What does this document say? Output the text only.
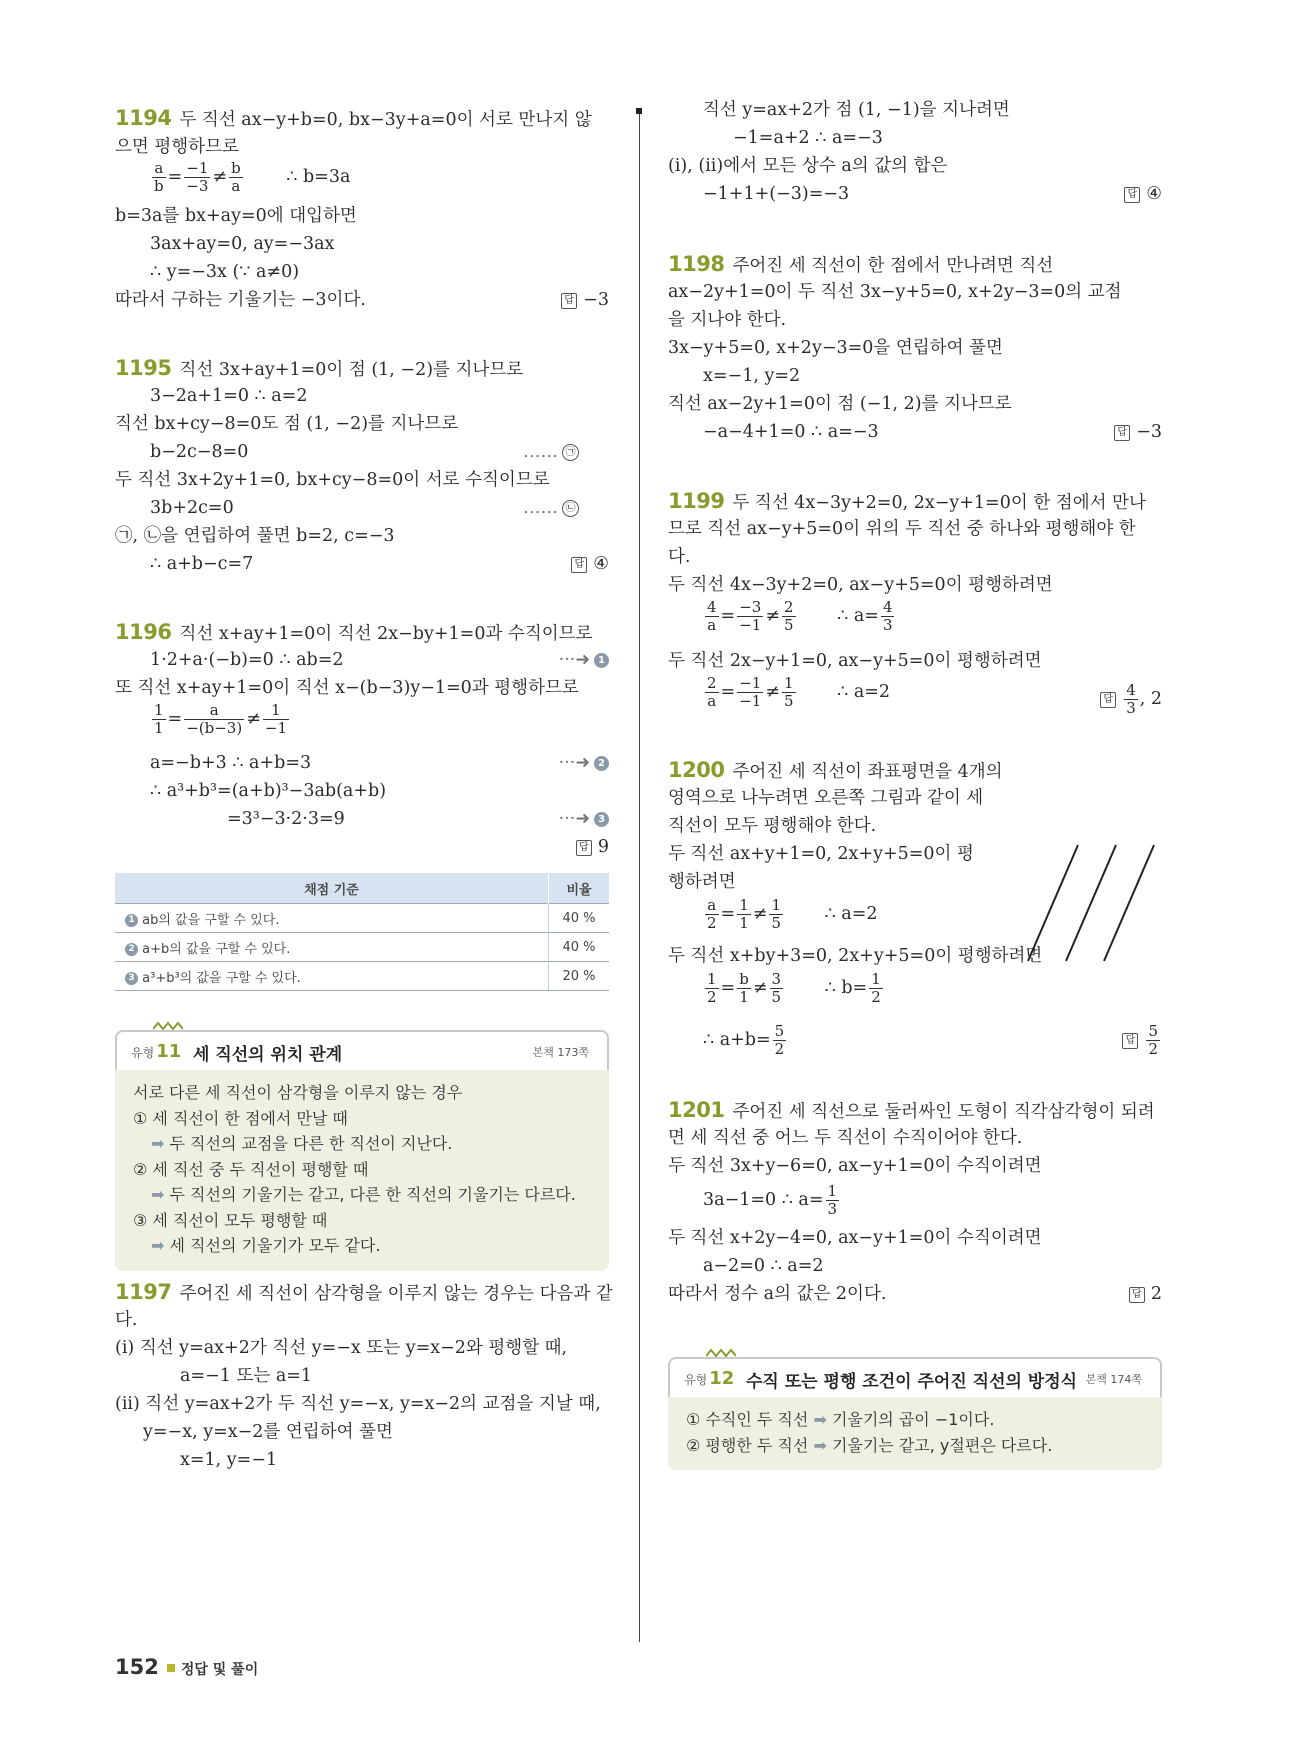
1194 두 직선 ax−y+b=0, bx−3y+a=0이 서로 만나지 않
으면 평행하므로
$\frac{a}{b} = \frac{-1}{-3} \ne \frac{b}{a}$ ∴ b=3a
b=3a를 bx+ay=0에 대입하면
3ax+ay=0, ay=−3ax
∴ y=−3x (∵ a≠0)
따라서 구하는 기울기는 −3이다.	답 −3
1195 직선 3x+ay+1=0이 점 (1, −2)를 지나므로
3−2a+1=0 ∴ a=2
직선 bx+cy−8=0도 점 (1, −2)를 지나므로
b−2c−8=0	…… ㉠
두 직선 3x+2y+1=0, bx+cy−8=0이 서로 수직이므로
3b+2c=0	…… ㉡
㉠, ㉡을 연립하여 풀면 b=2, c=−3
∴ a+b−c=7	답 ④
1196 직선 x+ay+1=0이 직선 2x−by+1=0과 수직이므로
1·2+a·(−b)=0 ∴ ab=2	···➜ 1
또 직선 x+ay+1=0이 직선 x−(b−3)y−1=0과 평행하므로
$\frac{1}{1} = \frac{a}{-(b-3)} \ne \frac{1}{-1}$
a=−b+3 ∴ a+b=3	···➜ 2
∴ a³+b³=(a+b)³−3ab(a+b)
=3³−3·2·3=9	···➜ 3
답 9
채점 기준	비율
1 ab의 값을 구할 수 있다.	40 %
2 a+b의 값을 구할 수 있다.	40 %
3 a³+b³의 값을 구할 수 있다.	20 %
유형 11 세 직선의 위치 관계	본책 173쪽
서로 다른 세 직선이 삼각형을 이루지 않는 경우
① 세 직선이 한 점에서 만날 때
➡ 두 직선의 교점을 다른 한 직선이 지난다.
② 세 직선 중 두 직선이 평행할 때
➡ 두 직선의 기울기는 같고, 다른 한 직선의 기울기는 다르다.
③ 세 직선이 모두 평행할 때
➡ 세 직선의 기울기가 모두 같다.
1197 주어진 세 직선이 삼각형을 이루지 않는 경우는 다음과 같
다.
(i) 직선 y=ax+2가 직선 y=−x 또는 y=x−2와 평행할 때,
a=−1 또는 a=1
(ii) 직선 y=ax+2가 두 직선 y=−x, y=x−2의 교점을 지날 때,
y=−x, y=x−2를 연립하여 풀면
x=1, y=−1
직선 y=ax+2가 점 (1, −1)을 지나려면
−1=a+2 ∴ a=−3
(i), (ii)에서 모든 상수 a의 값의 합은
−1+1+(−3)=−3	답 ④
1198 주어진 세 직선이 한 점에서 만나려면 직선
ax−2y+1=0이 두 직선 3x−y+5=0, x+2y−3=0의 교점
을 지나야 한다.
3x−y+5=0, x+2y−3=0을 연립하여 풀면
x=−1, y=2
직선 ax−2y+1=0이 점 (−1, 2)를 지나므로
−a−4+1=0 ∴ a=−3	답 −3
1199 두 직선 4x−3y+2=0, 2x−y+1=0이 한 점에서 만나
므로 직선 ax−y+5=0이 위의 두 직선 중 하나와 평행해야 한
다.
두 직선 4x−3y+2=0, ax−y+5=0이 평행하려면
$\frac{4}{a} = \frac{-3}{-1} \ne \frac{2}{5}$ ∴ $a= \frac{4}{3}$
두 직선 2x−y+1=0, ax−y+5=0이 평행하려면
$\frac{2}{a} = \frac{-1}{-1} \ne \frac{1}{5}$ ∴ a=2	답 $\frac{4}{3}$ , 2
1200 주어진 세 직선이 좌표평면을 4개의
영역으로 나누려면 오른쪽 그림과 같이 세
직선이 모두 평행해야 한다.
두 직선 ax+y+1=0, 2x+y+5=0이 평
행하려면
$\frac{a}{2} = \frac{1}{1} \ne \frac{1}{5}$ ∴ a=2
두 직선 x+by+3=0, 2x+y+5=0이 평행하려면
$\frac{1}{2} = \frac{b}{1} \ne \frac{3}{5}$ ∴ $b= \frac{1}{2}$
∴ $a+b= \frac{5}{2}$	답 $\frac{5}{2}$
1201 주어진 세 직선으로 둘러싸인 도형이 직각삼각형이 되려
면 세 직선 중 어느 두 직선이 수직이어야 한다.
두 직선 3x+y−6=0, ax−y+1=0이 수직이려면
3a−1=0 ∴ $a= \frac{1}{3}$
두 직선 x+2y−4=0, ax−y+1=0이 수직이려면
a−2=0 ∴ a=2
따라서 정수 a의 값은 2이다.	답 2
유형 12 수직 또는 평행 조건이 주어진 직선의 방정식 본책 174쪽
① 수직인 두 직선 ➡ 기울기의 곱이 −1이다.
② 평행한 두 직선 ➡ 기울기는 같고, y절편은 다르다.
152 정답 및 풀이
